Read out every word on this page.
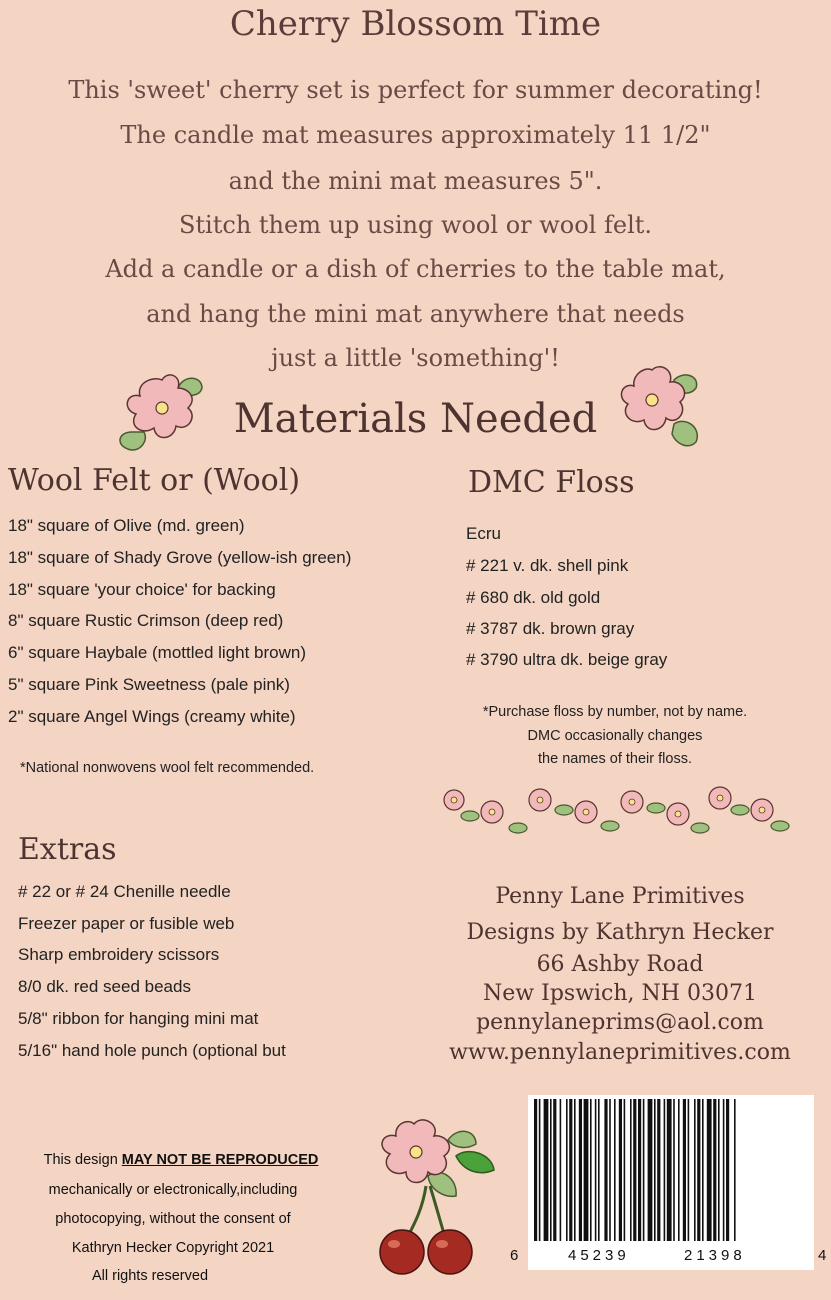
Cherry Blossom Time
This 'sweet' cherry set is perfect for summer decorating!
The candle mat measures approximately 11 1/2"
and the mini mat measures 5".
Stitch them up using wool or wool felt.
Add a candle or a dish of cherries to the table mat,
and hang the mini mat anywhere that needs
just a little 'something'!
Materials Needed
Wool Felt or (Wool)
18" square of Olive (md. green)
18" square of Shady Grove (yellow-ish green)
18" square 'your choice' for backing
8" square Rustic Crimson (deep red)
6" square Haybale (mottled light brown)
5" square Pink Sweetness (pale pink)
2" square Angel Wings (creamy white)
*National nonwovens wool felt recommended.
DMC Floss
Ecru
# 221 v. dk. shell pink
# 680 dk. old gold
# 3787 dk. brown gray
# 3790 ultra dk. beige gray
*Purchase floss by number, not by name.
DMC occasionally changes
the names of their floss.
Extras
# 22 or # 24 Chenille needle
Freezer paper or fusible web
Sharp embroidery scissors
8/0 dk. red seed beads
5/8" ribbon for hanging mini mat
5/16" hand hole punch (optional but
Penny Lane Primitives
Designs by Kathryn Hecker
66 Ashby Road
New Ipswich, NH 03071
pennylaneprims@aol.com
www.pennylaneprimitives.com
This design MAY NOT BE REPRODUCED
mechanically or electronically,including
photocopying, without the consent of
Kathryn Hecker Copyright 2021
All rights reserved
6	45239	21398	4
